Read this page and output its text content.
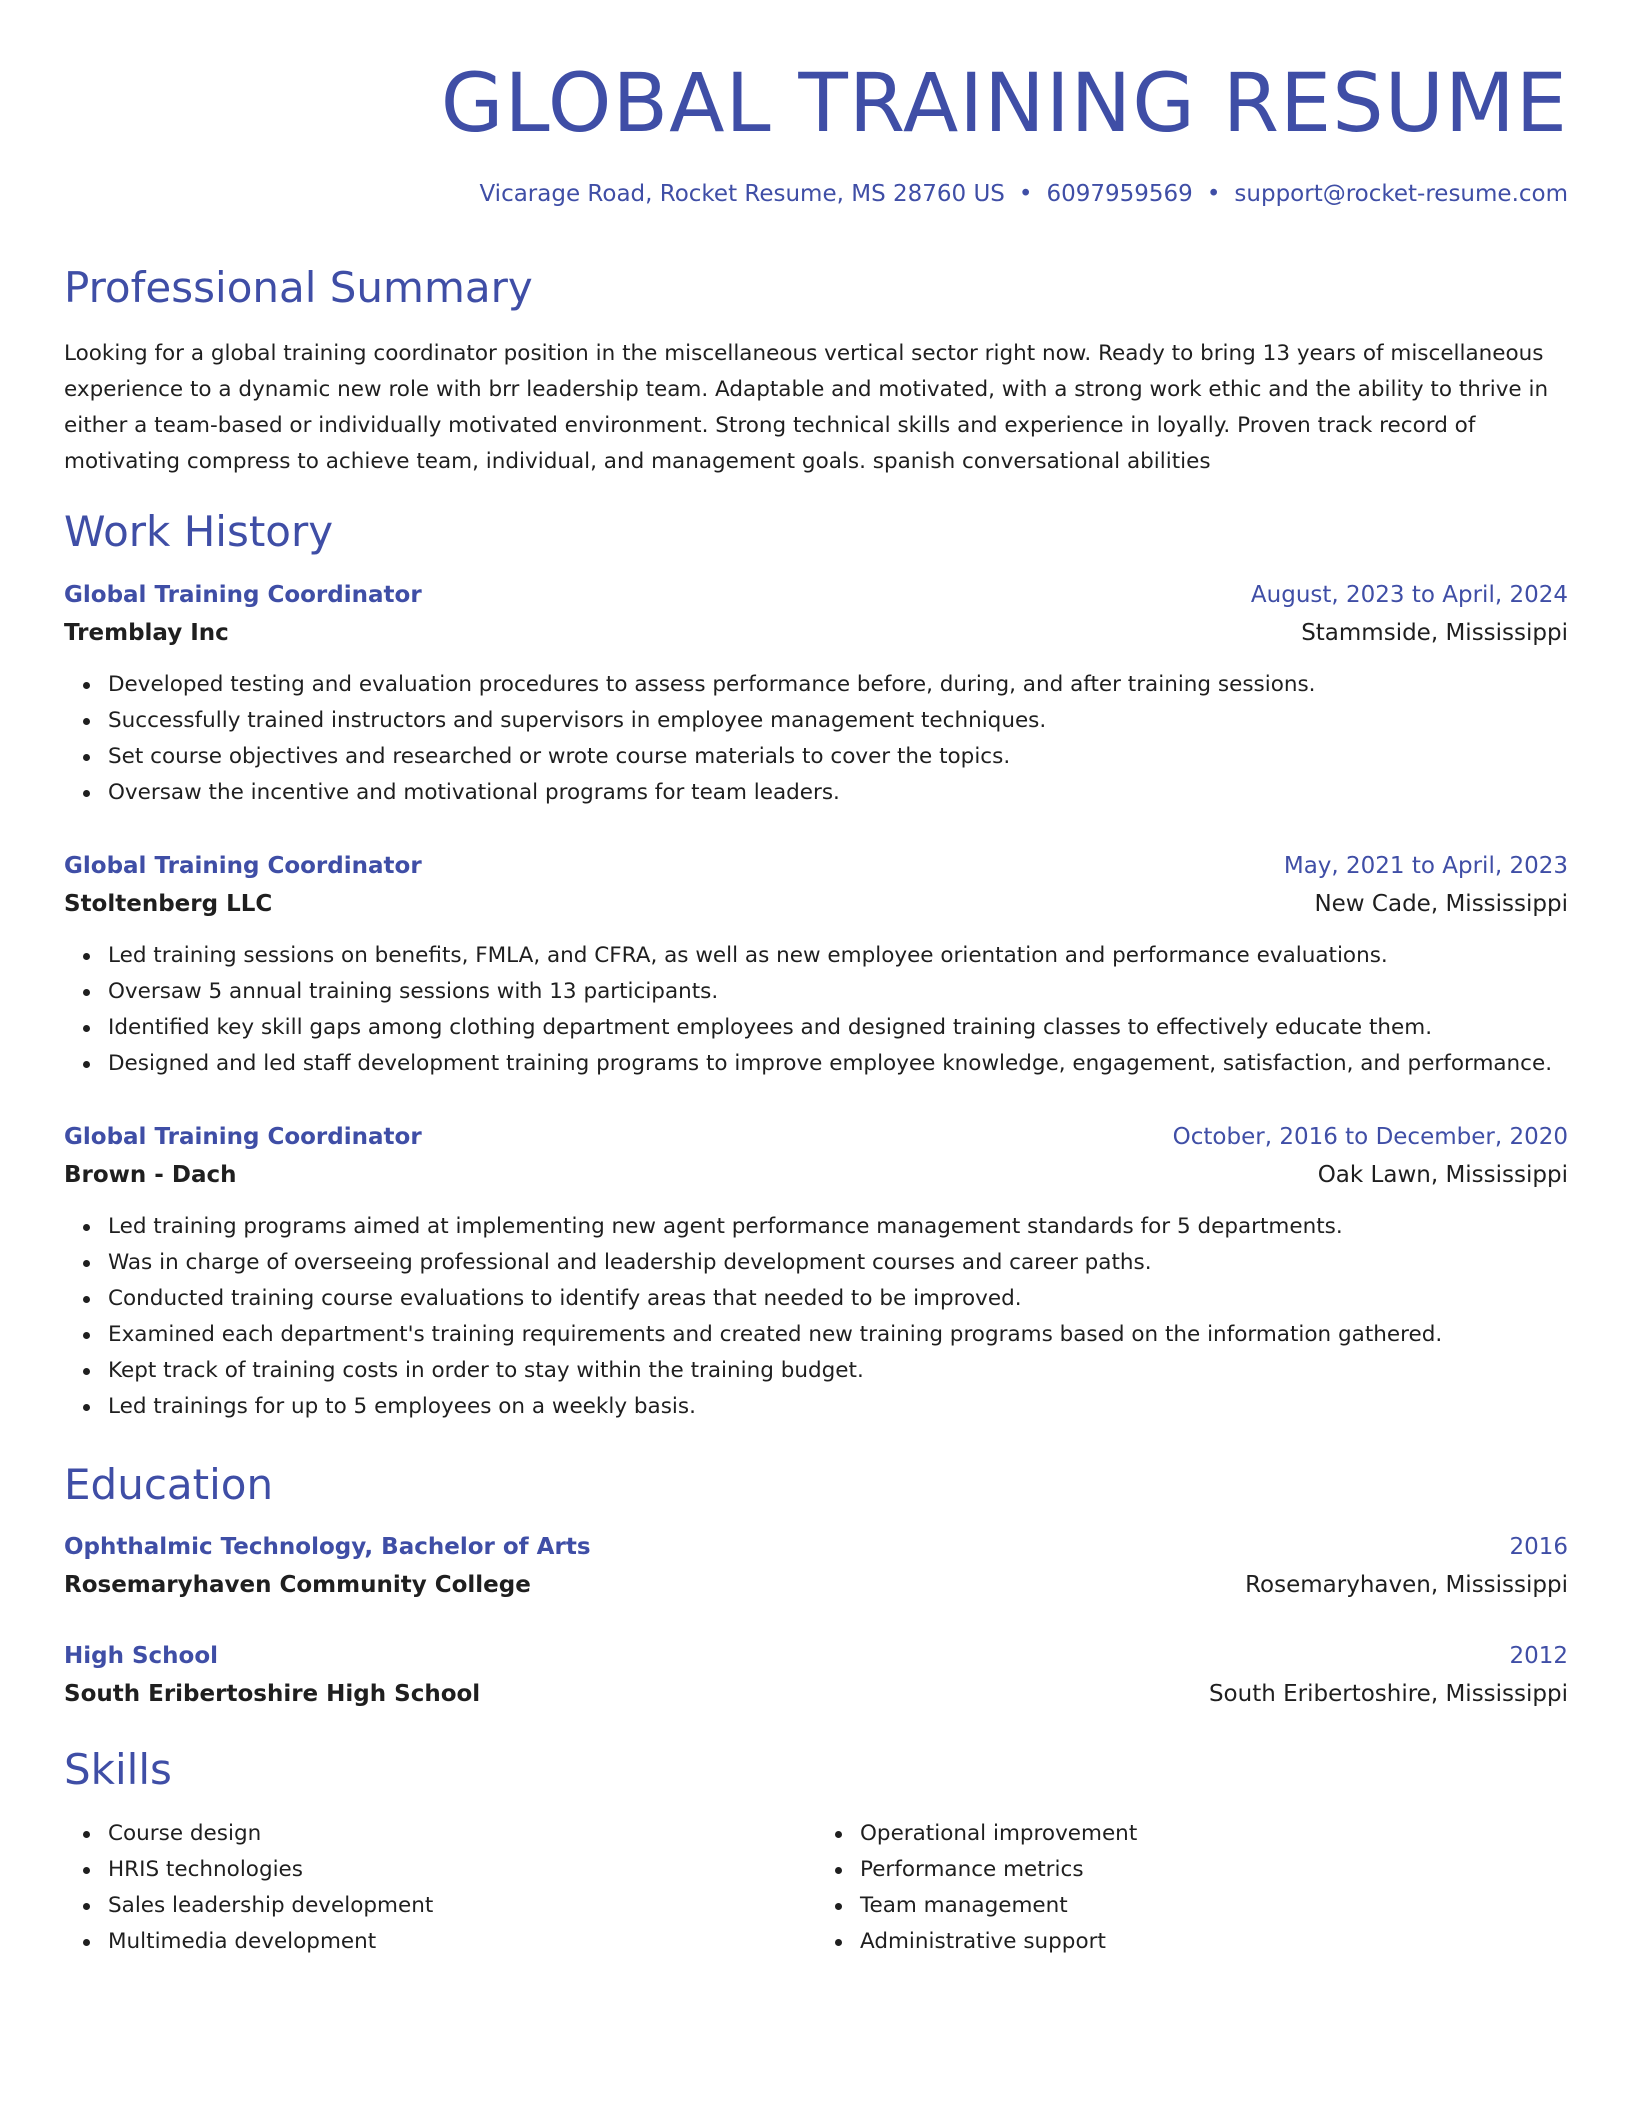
GLOBAL TRAINING RESUME
Vicarage Road, Rocket Resume, MS 28760 US • 6097959569 • support@rocket-resume.com
Professional Summary

Looking for a global training coordinator position in the miscellaneous vertical sector right now. Ready to bring 13 years of miscellaneous experience to a dynamic new role with brr leadership team. Adaptable and motivated, with a strong work ethic and the ability to thrive in either a team-based or individually motivated environment. Strong technical skills and experience in loyally. Proven track record of motivating compress to achieve team, individual, and management goals. spanish conversational abilities

Work History
Global Training Coordinator	August, 2023 to April, 2024
Tremblay Inc	Stammside, Mississippi
Developed testing and evaluation procedures to assess performance before, during, and after training sessions.
Successfully trained instructors and supervisors in employee management techniques.
Set course objectives and researched or wrote course materials to cover the topics.
Oversaw the incentive and motivational programs for team leaders.
Global Training Coordinator	May, 2021 to April, 2023
Stoltenberg LLC	New Cade, Mississippi
Led training sessions on benefits, FMLA, and CFRA, as well as new employee orientation and performance evaluations.
Oversaw 5 annual training sessions with 13 participants.
Identified key skill gaps among clothing department employees and designed training classes to effectively educate them.
Designed and led staff development training programs to improve employee knowledge, engagement, satisfaction, and performance.
Global Training Coordinator	October, 2016 to December, 2020
Brown - Dach	Oak Lawn, Mississippi
Led training programs aimed at implementing new agent performance management standards for 5 departments.
Was in charge of overseeing professional and leadership development courses and career paths.
Conducted training course evaluations to identify areas that needed to be improved.
Examined each department's training requirements and created new training programs based on the information gathered.
Kept track of training costs in order to stay within the training budget.
Led trainings for up to 5 employees on a weekly basis.
Education
Ophthalmic Technology, Bachelor of Arts	2016
Rosemaryhaven Community College	Rosemaryhaven, Mississippi
High School	2012
South Eribertoshire High School	South Eribertoshire, Mississippi
Skills
Course design
HRIS technologies
Sales leadership development
Multimedia development
Operational improvement
Performance metrics
Team management
Administrative support
